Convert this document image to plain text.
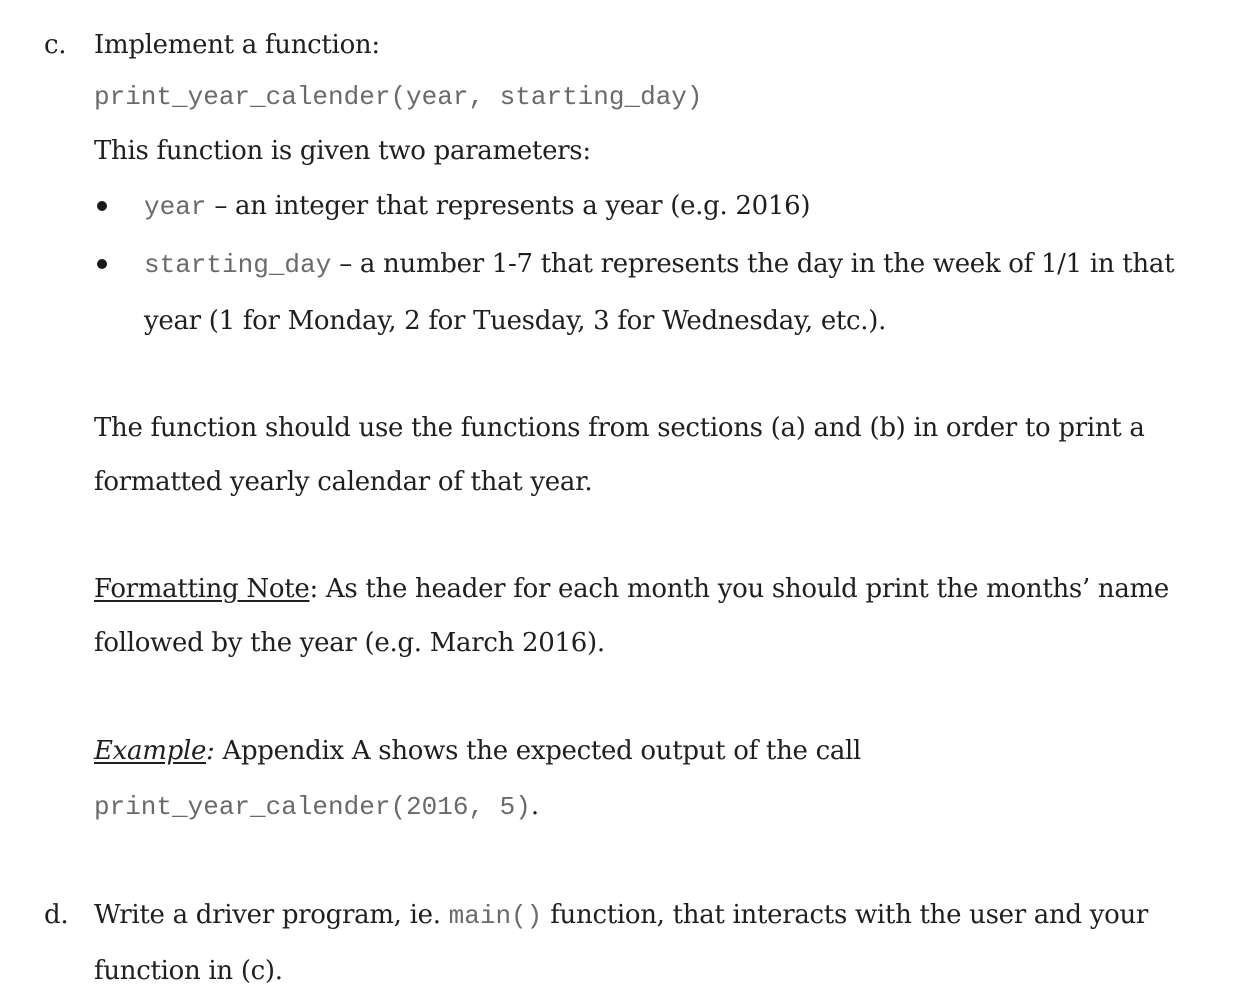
c. Implement a function:
print_year_calender(year, starting_day)
This function is given two parameters:
year – an integer that represents a year (e.g. 2016)
starting_day – a number 1-7 that represents the day in the week of 1/1 in that
year (1 for Monday, 2 for Tuesday, 3 for Wednesday, etc.).
The function should use the functions from sections (a) and (b) in order to print a
formatted yearly calendar of that year.
Formatting Note: As the header for each month you should print the months’ name
followed by the year (e.g. March 2016).
Example: Appendix A shows the expected output of the call
print_year_calender(2016, 5).
d. Write a driver program, ie. main() function, that interacts with the user and your
function in (c).
